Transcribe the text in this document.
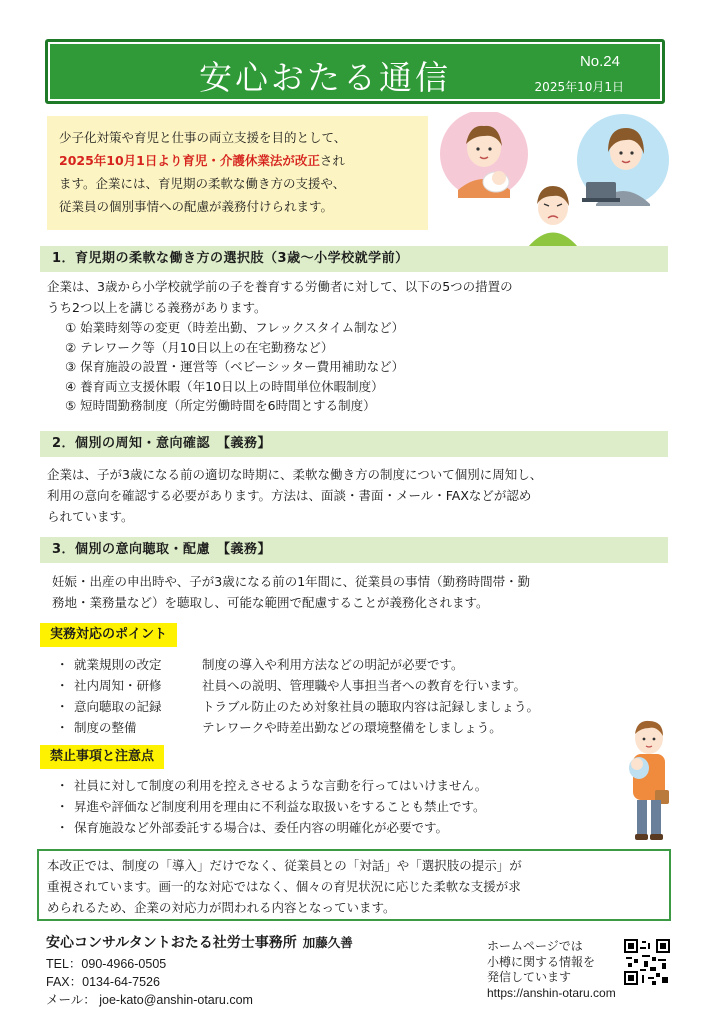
安心おたる通信	No.24
2025年10月1日
少子化対策や育児と仕事の両立支援を目的として、
2025年10月1日より育児・介護休業法が改正され
ます。企業には、育児期の柔軟な働き方の支援や、
従業員の個別事情への配慮が義務付けられます。
1．育児期の柔軟な働き方の選択肢（3歳～小学校就学前）
企業は、3歳から小学校就学前の子を養育する労働者に対して、以下の5つの措置の
うち2つ以上を講じる義務があります。
① 始業時刻等の変更（時差出勤、フレックスタイム制など）
② テレワーク等（月10日以上の在宅勤務など）
③ 保育施設の設置・運営等（ベビーシッター費用補助など）
④ 養育両立支援休暇（年10日以上の時間単位休暇制度）
⑤ 短時間勤務制度（所定労働時間を6時間とする制度）
2．個別の周知・意向確認　【義務】
企業は、子が3歳になる前の適切な時期に、柔軟な働き方の制度について個別に周知し、
利用の意向を確認する必要があります。方法は、面談・書面・メール・FAXなどが認め
られています。
3．個別の意向聴取・配慮　【義務】
妊娠・出産の申出時や、子が3歳になる前の1年間に、従業員の事情（勤務時間帯・勤
務地・業務量など）を聴取し、可能な範囲で配慮することが義務化されます。
実務対応のポイント
・ 就業規則の改定	制度の導入や利用方法などの明記が必要です。
・ 社内周知・研修	社員への説明、管理職や人事担当者への教育を行います。
・ 意向聴取の記録	トラブル防止のため対象社員の聴取内容は記録しましょう。
・ 制度の整備	テレワークや時差出勤などの環境整備をしましょう。
禁止事項と注意点
・ 社員に対して制度の利用を控えさせるような言動を行ってはいけません。
・ 昇進や評価など制度利用を理由に不利益な取扱いをすることも禁止です。
・ 保育施設など外部委託する場合は、委任内容の明確化が必要です。
本改正では、制度の「導入」だけでなく、従業員との「対話」や「選択肢の提示」が
重視されています。画一的な対応ではなく、個々の育児状況に応じた柔軟な支援が求
められるため、企業の対応力が問われる内容となっています。
安心コンサルタントおたる社労士事務所 加藤久善
TEL：090-4966-0505
FAX：0134-64-7526
メール： joe-kato@anshin-otaru.com
ホームページでは
小樽に関する情報を
発信しています
https://anshin-otaru.com
